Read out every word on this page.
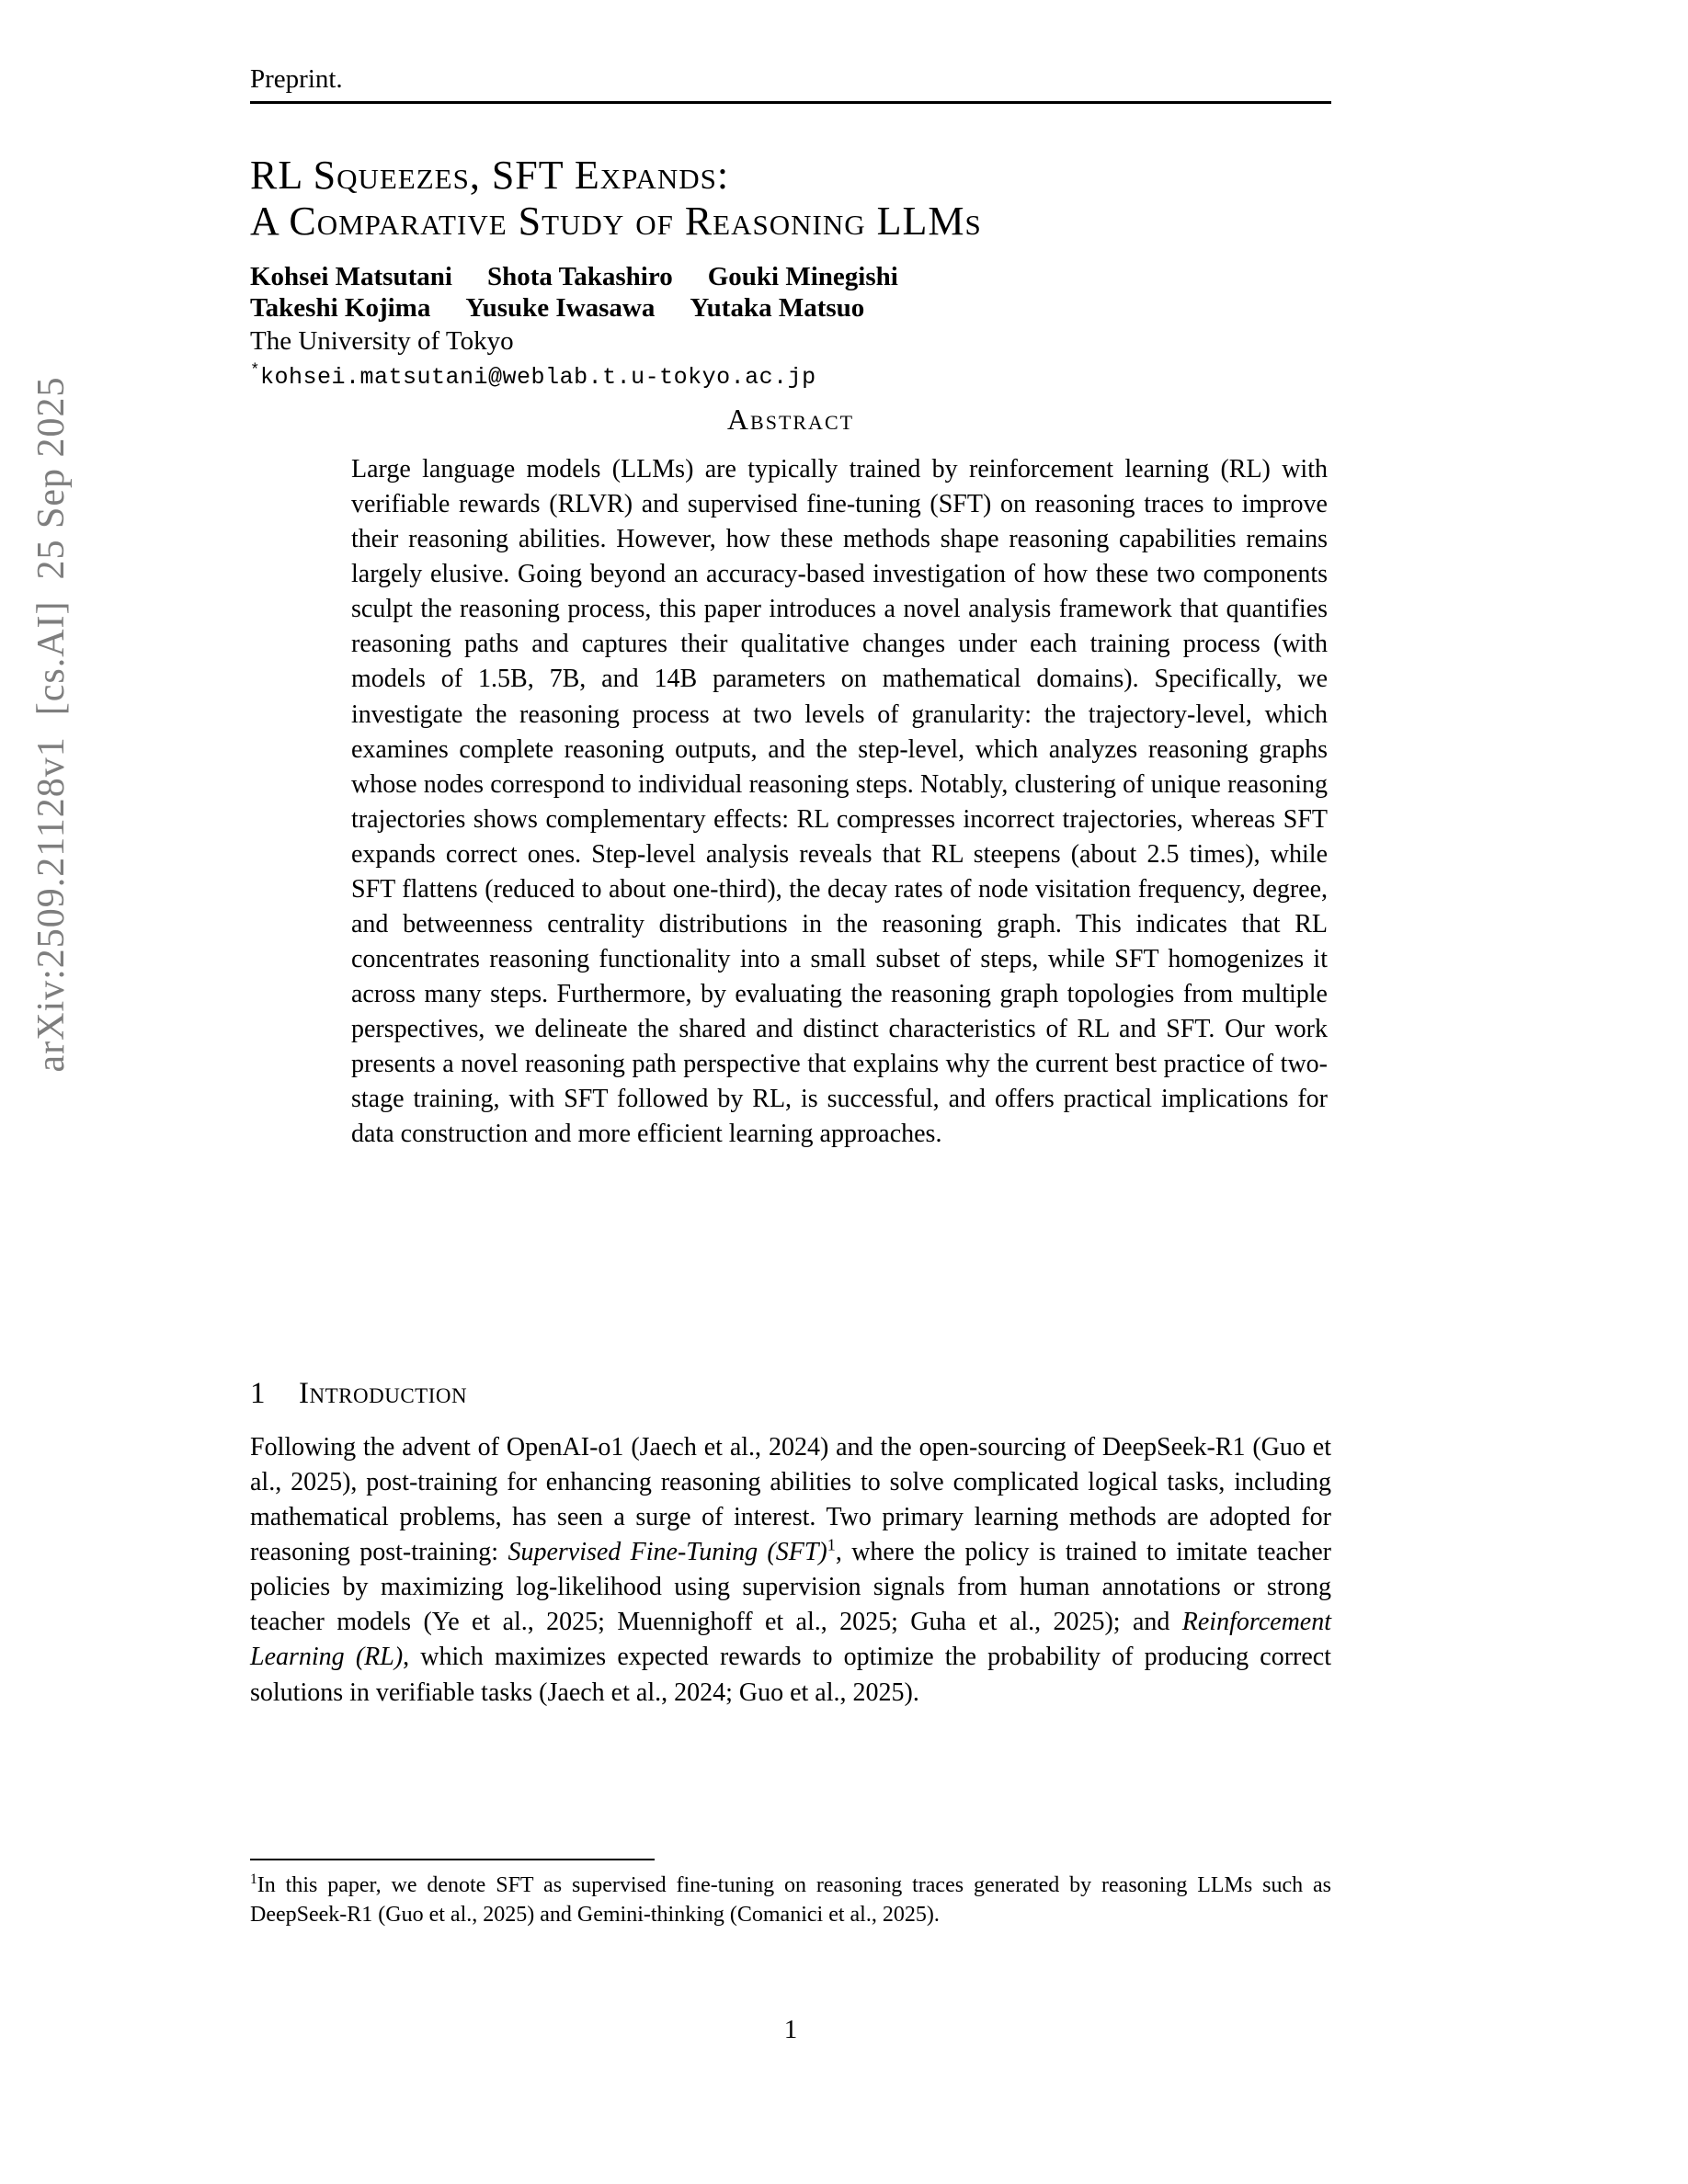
arXiv:2509.21128v1  [cs.AI]  25 Sep 2025
Preprint.
RL Squeezes, SFT Expands:
A Comparative Study of Reasoning LLMs
Kohsei Matsutani Shota Takashiro Gouki Minegishi
Takeshi Kojima Yusuke Iwasawa Yutaka Matsuo
The University of Tokyo
*kohsei.matsutani@weblab.t.u-tokyo.ac.jp
Abstract

Large language models (LLMs) are typically trained by reinforcement learning (RL) with verifiable rewards (RLVR) and supervised fine-tuning (SFT) on reasoning traces to improve their reasoning abilities. However, how these methods shape reasoning capabilities remains largely elusive. Going beyond an accuracy-based investigation of how these two components sculpt the reasoning process, this paper introduces a novel analysis framework that quantifies reasoning paths and captures their qualitative changes under each training process (with models of 1.5B, 7B, and 14B parameters on mathematical domains). Specifically, we investigate the reasoning process at two levels of granularity: the trajectory-level, which examines complete reasoning outputs, and the step-level, which analyzes reasoning graphs whose nodes correspond to individual reasoning steps. Notably, clustering of unique reasoning trajectories shows complementary effects: RL compresses incorrect trajectories, whereas SFT expands correct ones. Step-level analysis reveals that RL steepens (about 2.5 times), while SFT flattens (reduced to about one-third), the decay rates of node visitation frequency, degree, and betweenness centrality distributions in the reasoning graph. This indicates that RL concentrates reasoning functionality into a small subset of steps, while SFT homogenizes it across many steps. Furthermore, by evaluating the reasoning graph topologies from multiple perspectives, we delineate the shared and distinct characteristics of RL and SFT. Our work presents a novel reasoning path perspective that explains why the current best practice of two-stage training, with SFT followed by RL, is successful, and offers practical implications for data construction and more efficient learning approaches.

1 Introduction

Following the advent of OpenAI-o1 (Jaech et al., 2024) and the open-sourcing of DeepSeek-R1 (Guo et al., 2025), post-training for enhancing reasoning abilities to solve complicated logical tasks, including mathematical problems, has seen a surge of interest. Two primary learning methods are adopted for reasoning post-training: Supervised Fine-Tuning (SFT)$^1$, where the policy is trained to imitate teacher policies by maximizing log-likelihood using supervision signals from human annotations or strong teacher models (Ye et al., 2025; Muennighoff et al., 2025; Guha et al., 2025); and Reinforcement Learning (RL), which maximizes expected rewards to optimize the probability of producing correct solutions in verifiable tasks (Jaech et al., 2024; Guo et al., 2025).

$^1$In this paper, we denote SFT as supervised fine-tuning on reasoning traces generated by reasoning LLMs such as DeepSeek-R1 (Guo et al., 2025) and Gemini-thinking (Comanici et al., 2025).

1
